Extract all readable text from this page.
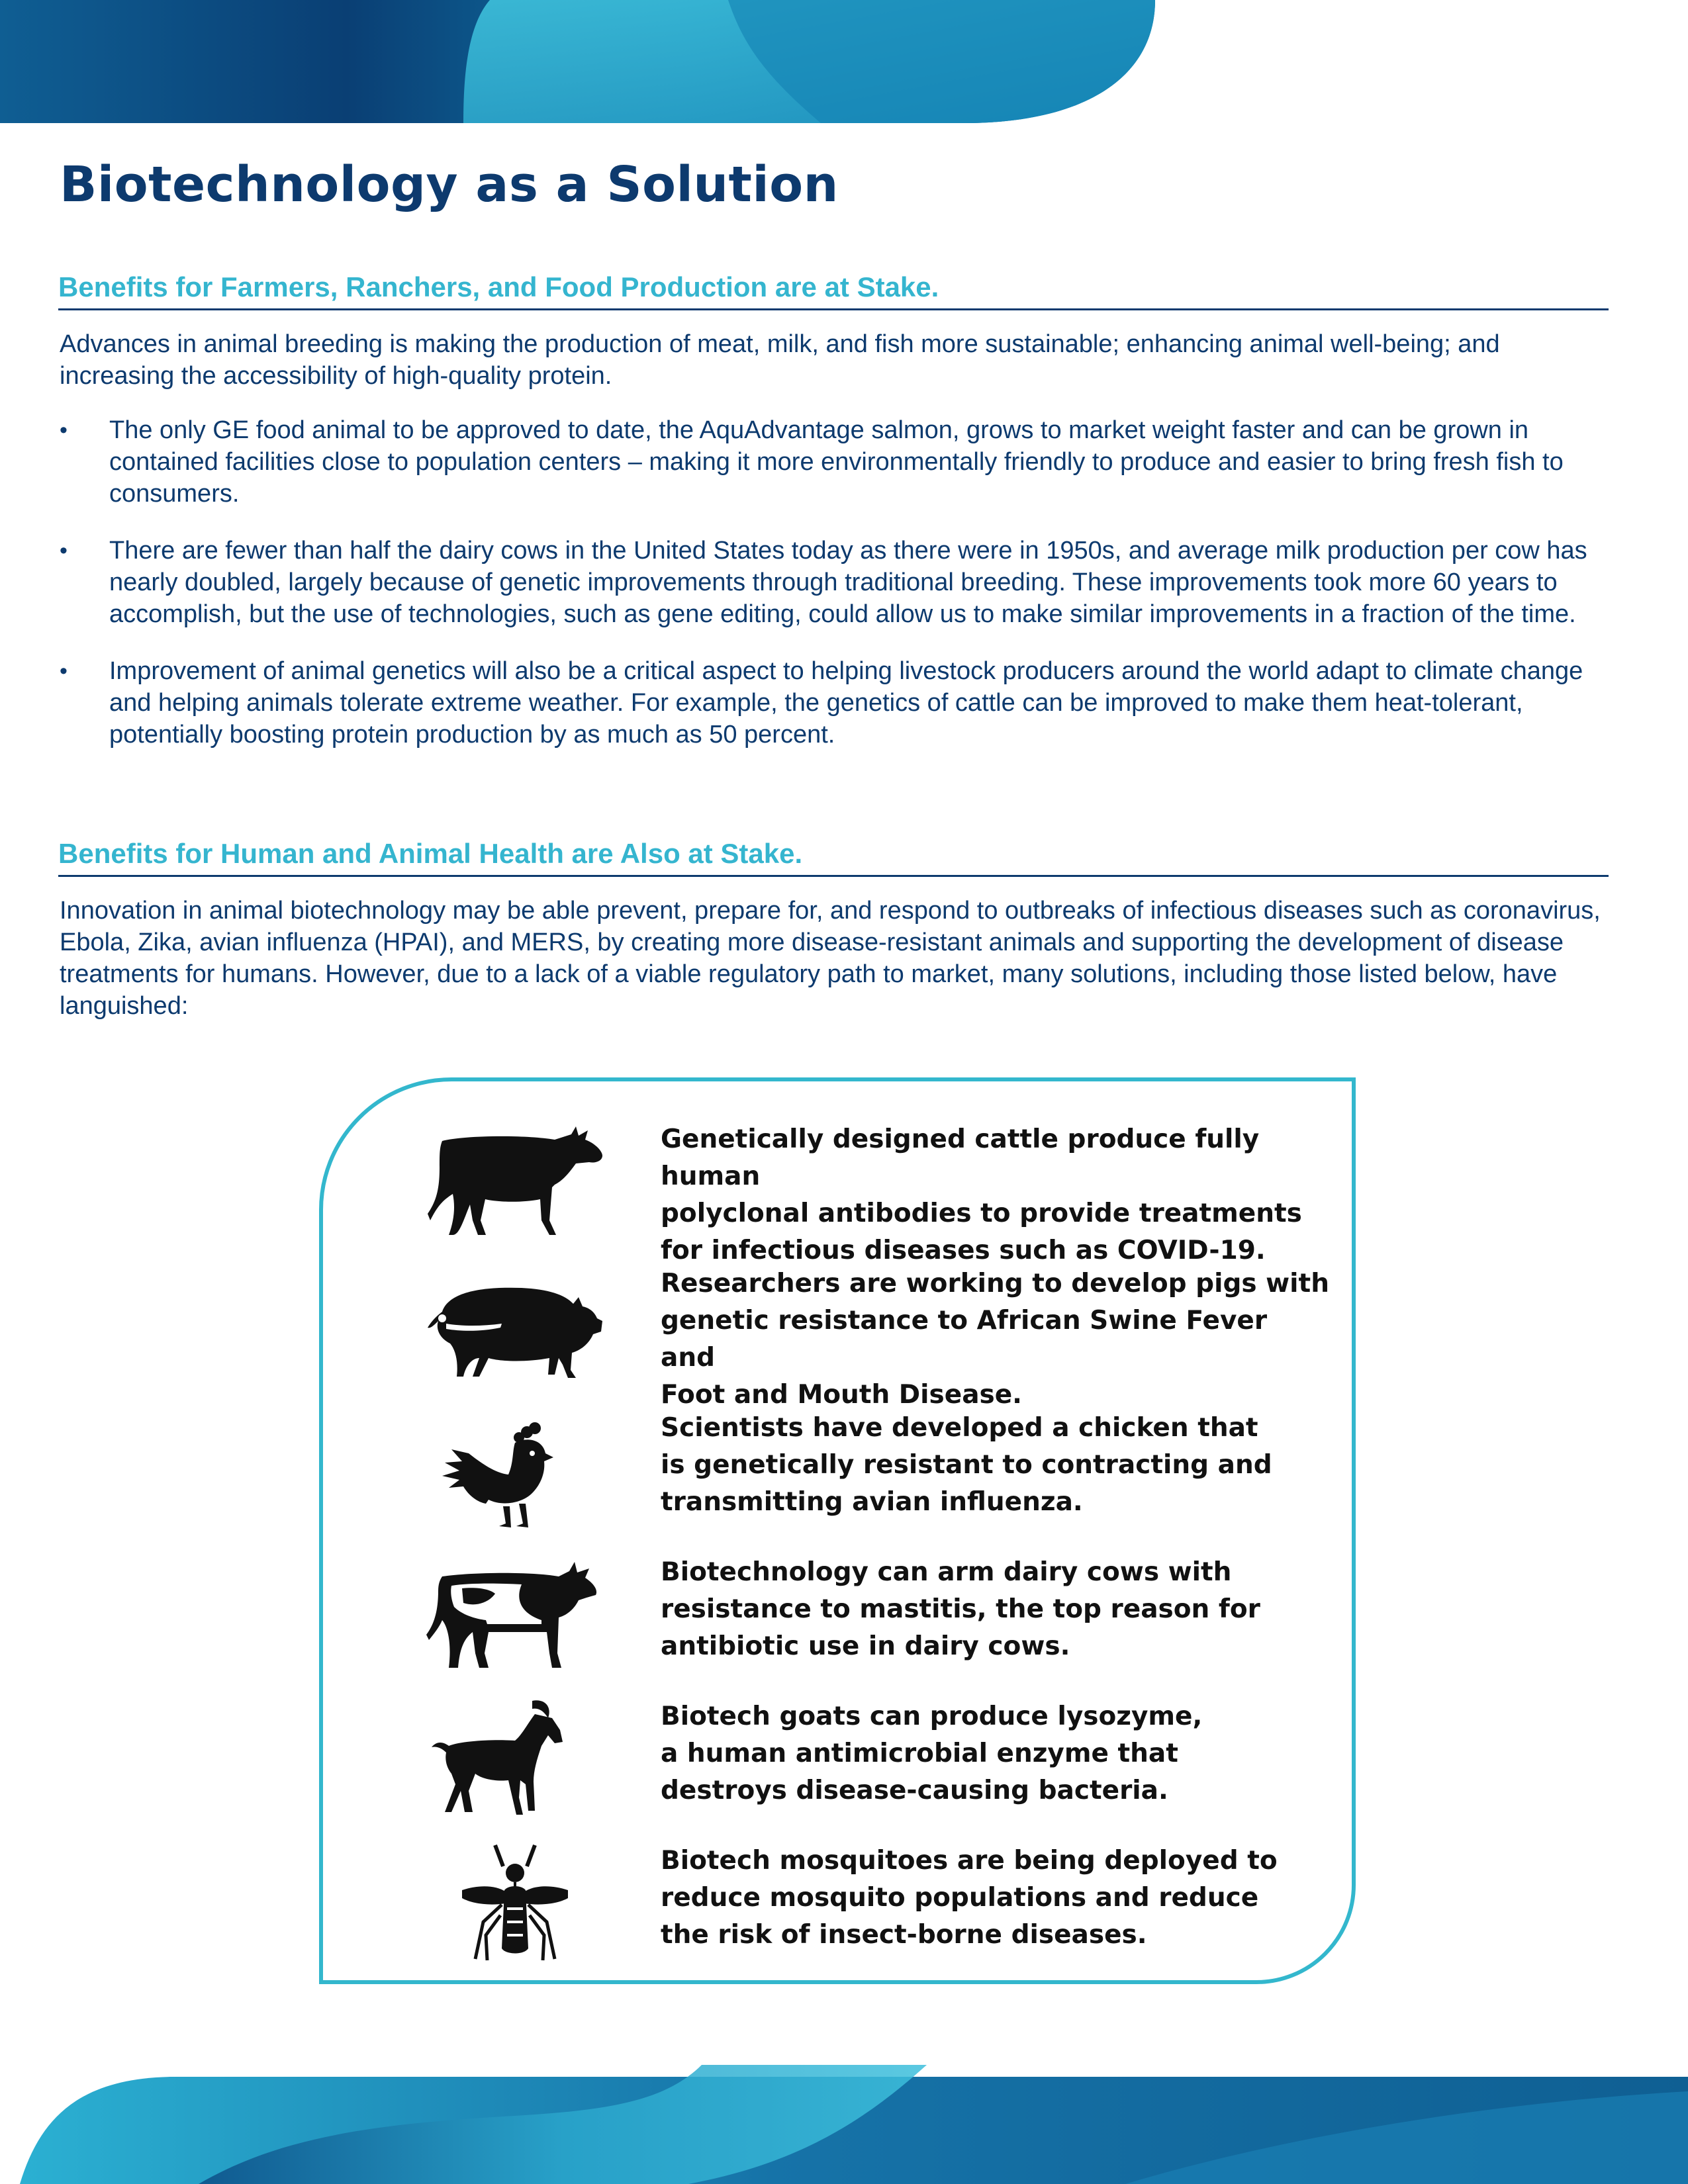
Biotechnology as a Solution
Benefits for Farmers, Ranchers, and Food Production are at Stake.

Advances in animal breeding is making the production of meat, milk, and fish more sustainable; enhancing animal well-being; and increasing the accessibility of high-quality protein.

• The only GE food animal to be approved to date, the AquAdvantage salmon, grows to market weight faster and can be grown in contained facilities close to population centers – making it more environmentally friendly to produce and easier to bring fresh fish to consumers.
• There are fewer than half the dairy cows in the United States today as there were in 1950s, and average milk production per cow has nearly doubled, largely because of genetic improvements through traditional breeding. These improvements took more 60 years to accomplish, but the use of technologies, such as gene editing, could allow us to make similar improvements in a fraction of the time.
• Improvement of animal genetics will also be a critical aspect to helping livestock producers around the world adapt to climate change and helping animals tolerate extreme weather. For example, the genetics of cattle can be improved to make them heat-tolerant, potentially boosting protein production by as much as 50 percent.
Benefits for Human and Animal Health are Also at Stake.

Innovation in animal biotechnology may be able prevent, prepare for, and respond to outbreaks of infectious diseases such as coronavirus, Ebola, Zika, avian influenza (HPAI), and MERS, by creating more disease-resistant animals and supporting the development of disease treatments for humans. However, due to a lack of a viable regulatory path to market, many solutions, including those listed below, have languished:

Genetically designed cattle produce fully human
polyclonal antibodies to provide treatments
for infectious diseases such as COVID-19.

Researchers are working to develop pigs with
genetic resistance to African Swine Fever and
Foot and Mouth Disease.

Scientists have developed a chicken that
is genetically resistant to contracting and
transmitting avian influenza.

Biotechnology can arm dairy cows with
resistance to mastitis, the top reason for
antibiotic use in dairy cows.

Biotech goats can produce lysozyme,
a human antimicrobial enzyme that
destroys disease-causing bacteria.

Biotech mosquitoes are being deployed to
reduce mosquito populations and reduce
the risk of insect-borne diseases.
